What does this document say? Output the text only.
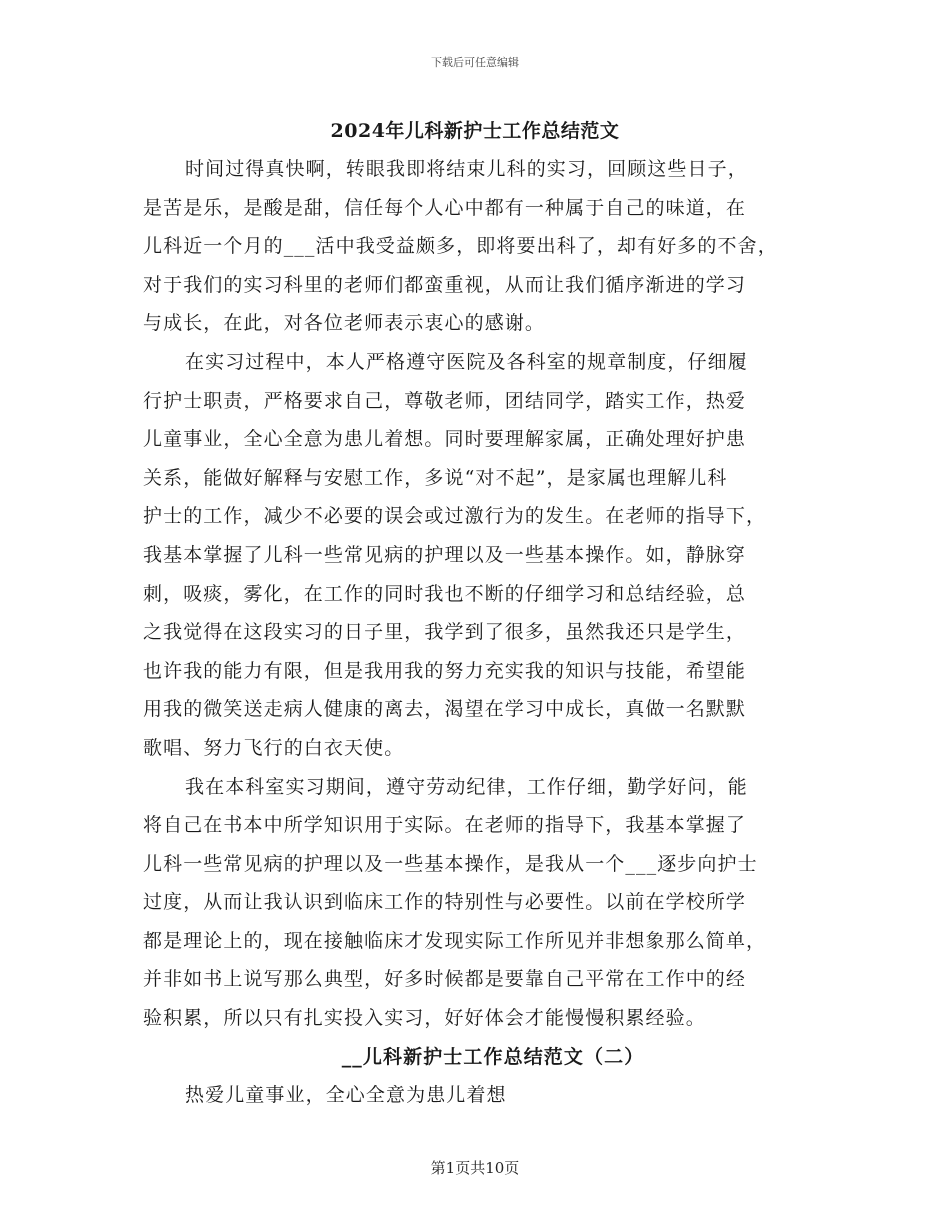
下载后可任意编辑
2024年儿科新护士工作总结范文
时间过得真快啊，转眼我即将结束儿科的实习，回顾这些日子，
是苦是乐，是酸是甜，信任每个人心中都有一种属于自己的味道，在
儿科近一个月的___活中我受益颇多，即将要出科了，却有好多的不舍，
对于我们的实习科里的老师们都蛮重视，从而让我们循序渐进的学习
与成长，在此，对各位老师表示衷心的感谢。
在实习过程中，本人严格遵守医院及各科室的规章制度，仔细履
行护士职责，严格要求自己，尊敬老师，团结同学，踏实工作，热爱
儿童事业，全心全意为患儿着想。同时要理解家属，正确处理好护患
关系，能做好解释与安慰工作，多说“对不起”，是家属也理解儿科
护士的工作，减少不必要的误会或过激行为的发生。在老师的指导下，
我基本掌握了儿科一些常见病的护理以及一些基本操作。如，静脉穿
刺，吸痰，雾化，在工作的同时我也不断的仔细学习和总结经验，总
之我觉得在这段实习的日子里，我学到了很多，虽然我还只是学生，
也许我的能力有限，但是我用我的努力充实我的知识与技能，希望能
用我的微笑送走病人健康的离去，渴望在学习中成长，真做一名默默
歌唱、努力飞行的白衣天使。
我在本科室实习期间，遵守劳动纪律，工作仔细，勤学好问，能
将自己在书本中所学知识用于实际。在老师的指导下，我基本掌握了
儿科一些常见病的护理以及一些基本操作，是我从一个___逐步向护士
过度，从而让我认识到临床工作的特别性与必要性。以前在学校所学
都是理论上的，现在接触临床才发现实际工作所见并非想象那么简单，
并非如书上说写那么典型，好多时候都是要靠自己平常在工作中的经
验积累，所以只有扎实投入实习，好好体会才能慢慢积累经验。
__儿科新护士工作总结范文（二）
热爱儿童事业，全心全意为患儿着想
第1页共10页
